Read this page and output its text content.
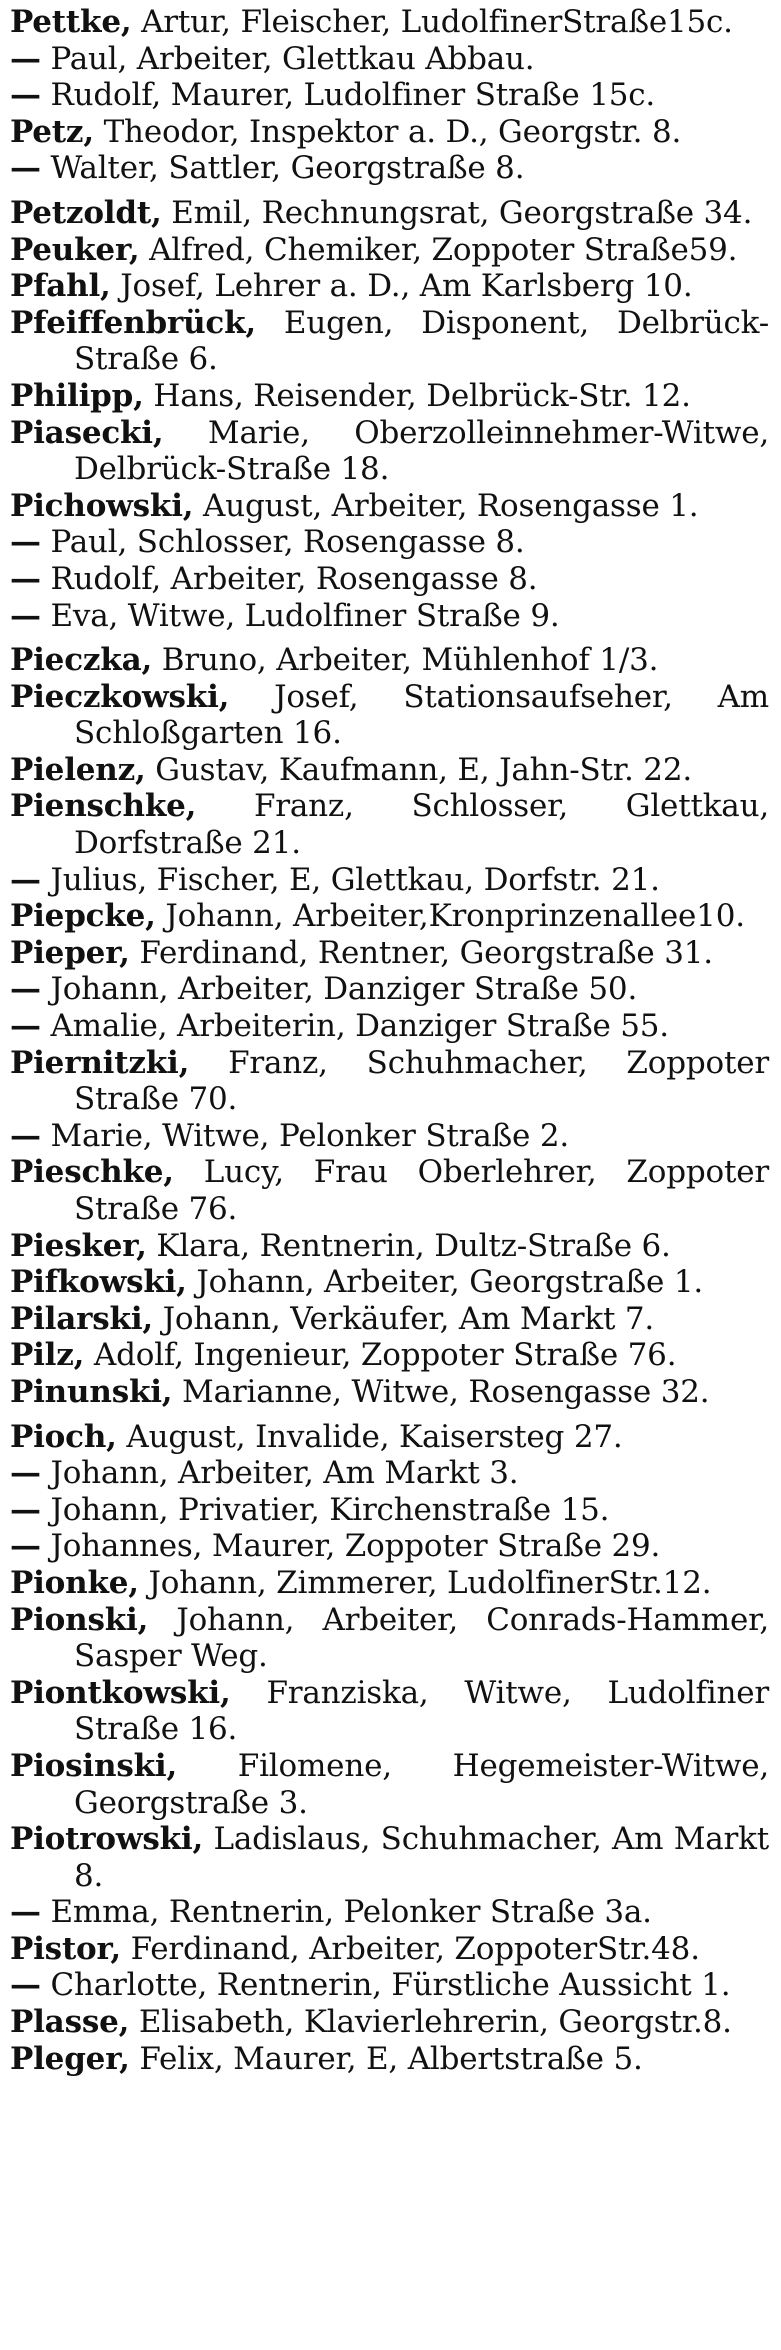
Pettke, Artur, Fleischer, LudolfinerStraße15c.
— Paul, Arbeiter, Glettkau Abbau.
— Rudolf, Maurer, Ludolfiner Straße 15c.
Petz, Theodor, Inspektor a. D., Georgstr. 8.
— Walter, Sattler, Georgstraße 8.
Petzoldt, Emil, Rechnungsrat, Georgstraße 34.
Peuker, Alfred, Chemiker, Zoppoter Straße59.
Pfahl, Josef, Lehrer a. D., Am Karlsberg 10.
Pfeiffenbrück, Eugen, Disponent, Delbrück-Straße 6.
Philipp, Hans, Reisender, Delbrück-Str. 12.
Piasecki, Marie, Oberzolleinnehmer-Witwe, Delbrück-Straße 18.
Pichowski, August, Arbeiter, Rosengasse 1.
— Paul, Schlosser, Rosengasse 8.
— Rudolf, Arbeiter, Rosengasse 8.
— Eva, Witwe, Ludolfiner Straße 9.
Pieczka, Bruno, Arbeiter, Mühlenhof 1/3.
Pieczkowski, Josef, Stationsaufseher, Am Schloßgarten 16.
Pielenz, Gustav, Kaufmann, E, Jahn-Str. 22.
Pienschke, Franz, Schlosser, Glettkau, Dorfstraße 21.
— Julius, Fischer, E, Glettkau, Dorfstr. 21.
Piepcke, Johann, Arbeiter,Kronprinzenallee10.
Pieper, Ferdinand, Rentner, Georgstraße 31.
— Johann, Arbeiter, Danziger Straße 50.
— Amalie, Arbeiterin, Danziger Straße 55.
Piernitzki, Franz, Schuhmacher, Zoppoter Straße 70.
— Marie, Witwe, Pelonker Straße 2.
Pieschke, Lucy, Frau Oberlehrer, Zoppoter Straße 76.
Piesker, Klara, Rentnerin, Dultz-Straße 6.
Pifkowski, Johann, Arbeiter, Georgstraße 1.
Pilarski, Johann, Verkäufer, Am Markt 7.
Pilz, Adolf, Ingenieur, Zoppoter Straße 76.
Pinunski, Marianne, Witwe, Rosengasse 32.
Pioch, August, Invalide, Kaisersteg 27.
— Johann, Arbeiter, Am Markt 3.
— Johann, Privatier, Kirchenstraße 15.
— Johannes, Maurer, Zoppoter Straße 29.
Pionke, Johann, Zimmerer, LudolfinerStr.12.
Pionski, Johann, Arbeiter, Conrads-Hammer, Sasper Weg.
Piontkowski, Franziska, Witwe, Ludolfiner Straße 16.
Piosinski, Filomene, Hegemeister-Witwe, Georgstraße 3.
Piotrowski, Ladislaus, Schuhmacher, Am Markt 8.
— Emma, Rentnerin, Pelonker Straße 3a.
Pistor, Ferdinand, Arbeiter, ZoppoterStr.48.
— Charlotte, Rentnerin, Fürstliche Aussicht 1.
Plasse, Elisabeth, Klavierlehrerin, Georgstr.8.
Pleger, Felix, Maurer, E, Albertstraße 5.
